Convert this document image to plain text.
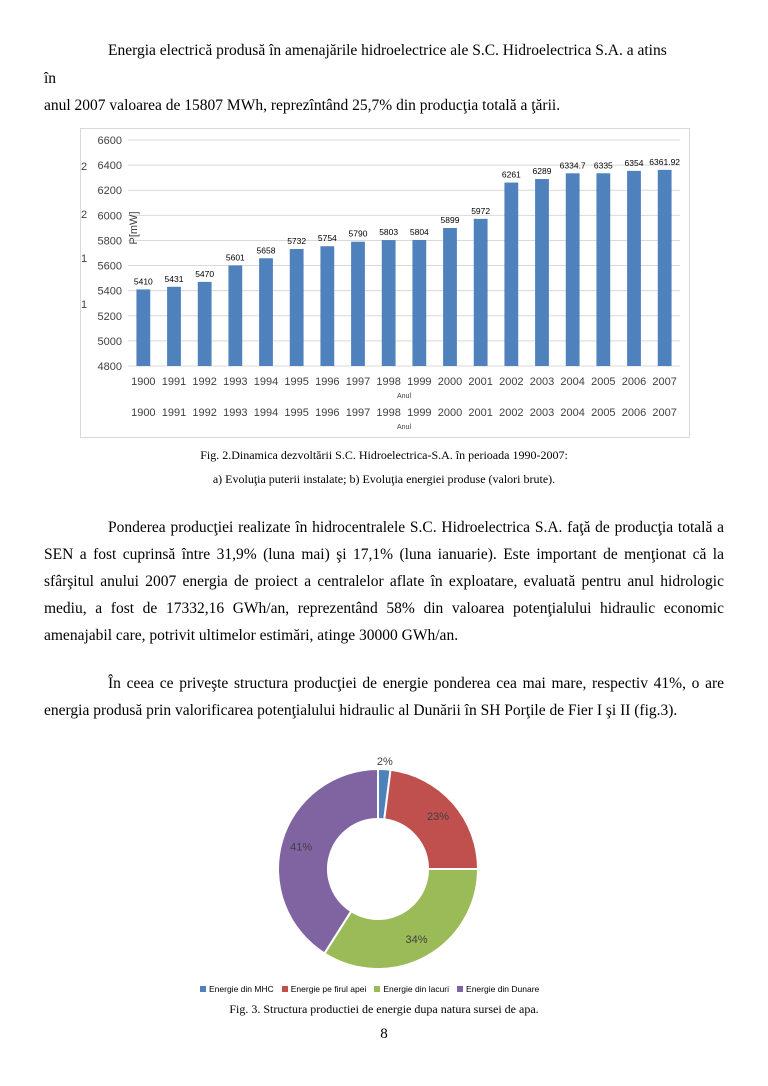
Energia electrică produsă în amenajările hidroelectrice ale S.C. Hidroelectrica S.A. a atins

în

anul 2007 valoarea de 15807 MWh, reprezîntând 25,7% din producţia totală a ţării.

6600
6400
6200
6000
5800
5600
5400
5200
5000
4800
5410 5431 5470
5601
5658
5732 5754 5790 5803 5804
5899
5972
6261 6289
6334.7 6335 6354 6361.92
1900 1991 1992 1993 1994 1995 1996 1997 1998 1999 2000 2001 2002 2003 2004 2005 2006 2007
1900 1991 1992 1993 1994 1995 1996 1997 1998 1999 2000 2001 2002 2003 2004 2005 2006 2007
2
2
1
1
P[mW]
Anul
Anul

Fig. 2.Dinamica dezvoltării S.C. Hidroelectrica-S.A. în perioada 1990-2007:

a) Evoluţia puterii instalate; b) Evoluţia energiei produse (valori brute).

Ponderea producţiei realizate în hidrocentralele S.C. Hidroelectrica S.A. faţă de producţia totală a SEN a fost cuprinsă între 31,9% (luna mai) şi 17,1% (luna ianuarie). Este important de menţionat că la sfârşitul anului 2007 energia de proiect a centralelor aflate în exploatare, evaluată pentru anul hidrologic mediu, a fost de 17332,16 GWh/an, reprezentând 58% din valoarea potenţialului hidraulic economic amenajabil care, potrivit ultimelor estimări, atinge 30000 GWh/an.

În ceea ce priveşte structura producţiei de energie ponderea cea mai mare, respectiv 41%, o are energia produsă prin valorificarea potenţialului hidraulic al Dunării în SH Porţile de Fier I şi II (fig.3).

2%
23%
34%
41%
Energie din MHC Energie pe firul apei Energie din lacuri Energie din Dunare

Fig. 3. Structura productiei de energie dupa natura sursei de apa.

8
